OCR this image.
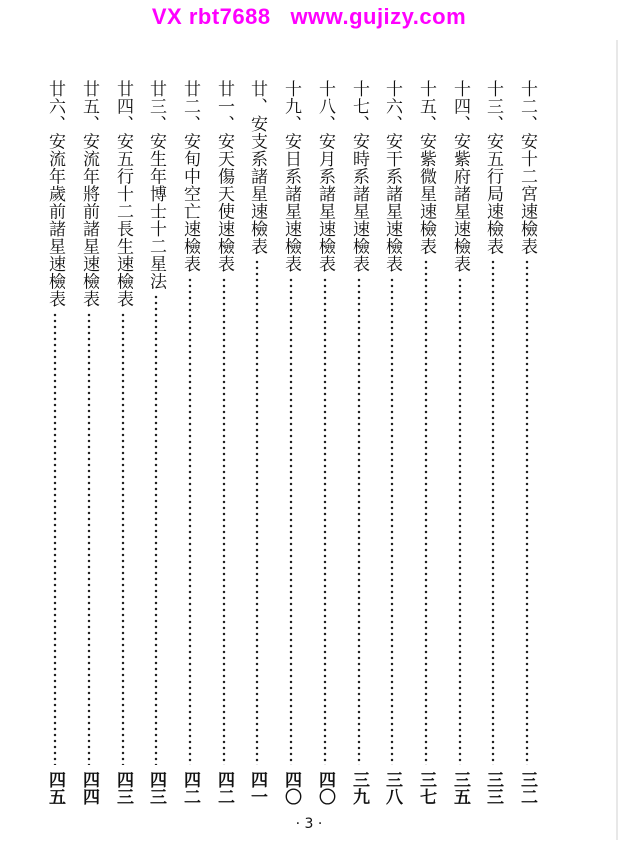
VX rbt7688   www.gujizy.com
十二、安十二宮速檢表
三二
十三、安五行局速檢表
三三
十四、安紫府諸星速檢表
三五
十五、安紫微星速檢表
三七
十六、安干系諸星速檢表
三八
十七、安時系諸星速檢表
三九
十八、安月系諸星速檢表
四〇
十九、安日系諸星速檢表
四〇
廿、安支系諸星速檢表
四一
廿一、安天傷天使速檢表
四二
廿二、安旬中空亡速檢表
四二
廿三、安生年博士十二星法
四三
廿四、安五行十二長生速檢表
四三
廿五、安流年將前諸星速檢表
四四
廿六、安流年歲前諸星速檢表
四五
· 3 ·
